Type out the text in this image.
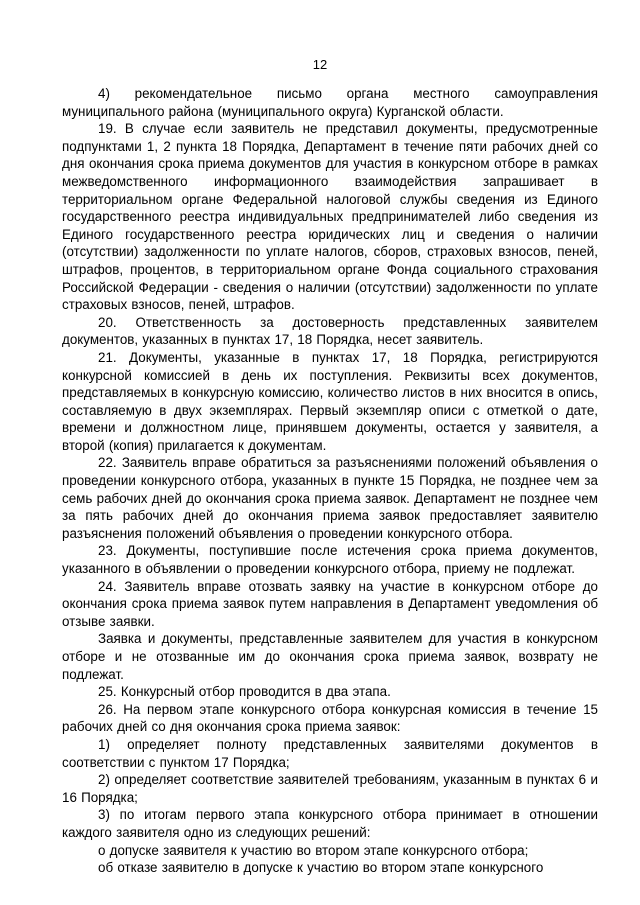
12

4) рекомендательное письмо органа местного самоуправления муниципального района (муниципального округа) Курганской области.

19. В случае если заявитель не представил документы, предусмотренные подпунктами 1, 2 пункта 18 Порядка, Департамент в течение пяти рабочих дней со дня окончания срока приема документов для участия в конкурсном отборе в рамках межведомственного информационного взаимодействия запрашивает в территориальном органе Федеральной налоговой службы сведения из Единого государственного реестра индивидуальных предпринимателей либо сведения из Единого государственного реестра юридических лиц и сведения о наличии (отсутствии) задолженности по уплате налогов, сборов, страховых взносов, пеней, штрафов, процентов, в территориальном органе Фонда социального страхования Российской Федерации - сведения о наличии (отсутствии) задолженности по уплате страховых взносов, пеней, штрафов.

20. Ответственность за достоверность представленных заявителем документов, указанных в пунктах 17, 18 Порядка, несет заявитель.

21. Документы, указанные в пунктах 17, 18 Порядка, регистрируются конкурсной комиссией в день их поступления. Реквизиты всех документов, представляемых в конкурсную комиссию, количество листов в них вносится в опись, составляемую в двух экземплярах. Первый экземпляр описи с отметкой о дате, времени и должностном лице, принявшем документы, остается у заявителя, а второй (копия) прилагается к документам.

22. Заявитель вправе обратиться за разъяснениями положений объявления о проведении конкурсного отбора, указанных в пункте 15 Порядка, не позднее чем за семь рабочих дней до окончания срока приема заявок. Департамент не позднее чем за пять рабочих дней до окончания приема заявок предоставляет заявителю разъяснения положений объявления о проведении конкурсного отбора.

23. Документы, поступившие после истечения срока приема документов, указанного в объявлении о проведении конкурсного отбора, приему не подлежат.

24. Заявитель вправе отозвать заявку на участие в конкурсном отборе до окончания срока приема заявок путем направления в Департамент уведомления об отзыве заявки.

Заявка и документы, представленные заявителем для участия в конкурсном отборе и не отозванные им до окончания срока приема заявок, возврату не подлежат.

25. Конкурсный отбор проводится в два этапа.

26. На первом этапе конкурсного отбора конкурсная комиссия в течение 15 рабочих дней со дня окончания срока приема заявок:

1) определяет полноту представленных заявителями документов в соответствии с пунктом 17 Порядка;

2) определяет соответствие заявителей требованиям, указанным в пунктах 6 и 16 Порядка;

3) по итогам первого этапа конкурсного отбора принимает в отношении каждого заявителя одно из следующих решений:

о допуске заявителя к участию во втором этапе конкурсного отбора;

об отказе заявителю в допуске к участию во втором этапе конкурсного
